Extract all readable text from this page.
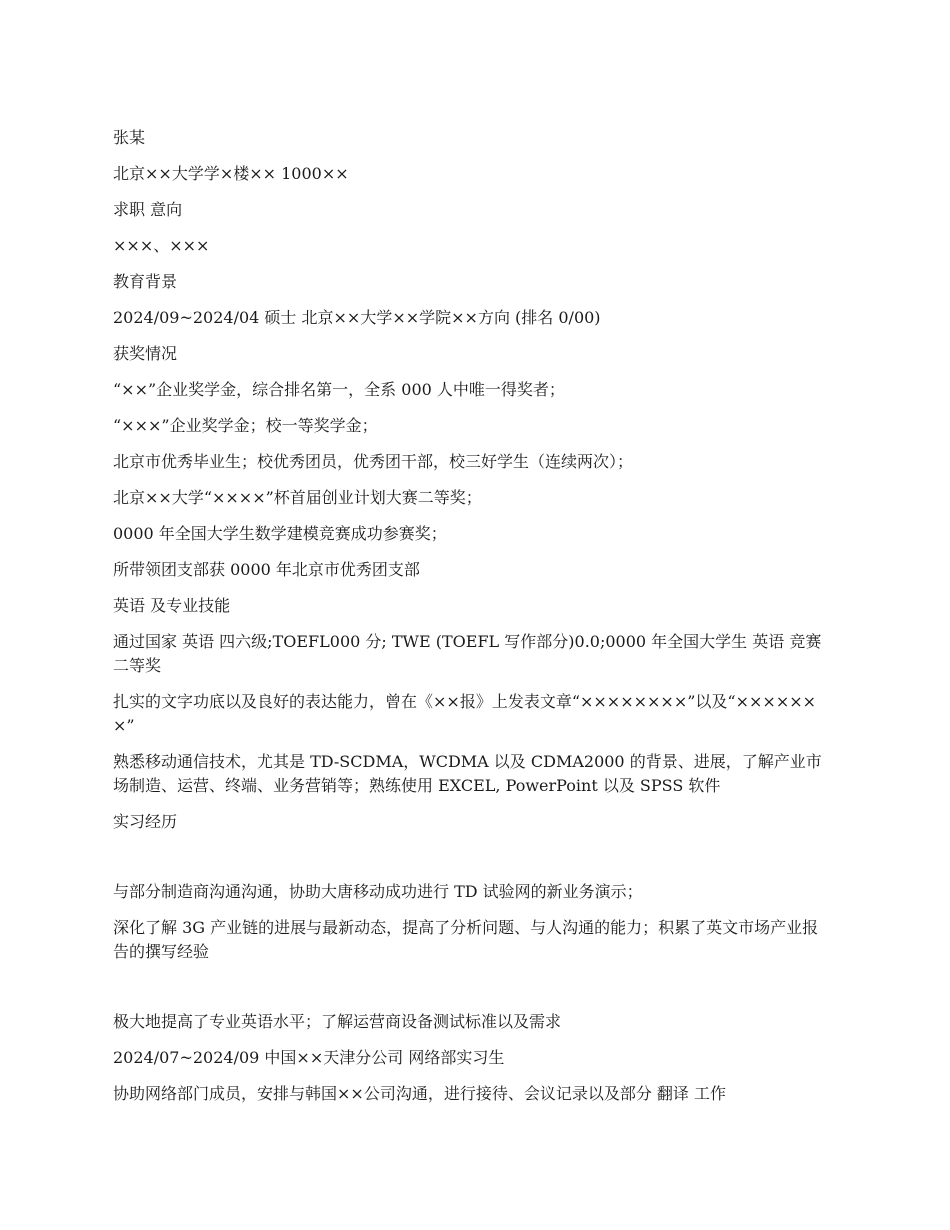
张某

北京××大学学×楼×× 1000××

求职 意向

×××、×××

教育背景

2024/09~2024/04 硕士 北京××大学××学院××方向 (排名 0/00)

获奖情况

“××”企业奖学金，综合排名第一，全系 000 人中唯一得奖者；

“×××”企业奖学金；校一等奖学金；

北京市优秀毕业生；校优秀团员，优秀团干部，校三好学生（连续两次）；

北京××大学“××××”杯首届创业计划大赛二等奖；

0000 年全国大学生数学建模竞赛成功参赛奖；

所带领团支部获 0000 年北京市优秀团支部

英语 及专业技能

通过国家 英语 四六级;TOEFL000 分; TWE (TOEFL 写作部分)0.0;0000 年全国大学生 英语 竞赛二等奖

扎实的文字功底以及良好的表达能力，曾在《××报》上发表文章“××××××××”以及“×××××××”

熟悉移动通信技术，尤其是 TD-SCDMA，WCDMA 以及 CDMA2000 的背景、进展，了解产业市场制造、运营、终端、业务营销等；熟练使用 EXCEL, PowerPoint 以及 SPSS 软件

实习经历

与部分制造商沟通沟通，协助大唐移动成功进行 TD 试验网的新业务演示；

深化了解 3G 产业链的进展与最新动态，提高了分析问题、与人沟通的能力；积累了英文市场产业报告的撰写经验

极大地提高了专业英语水平；了解运营商设备测试标准以及需求

2024/07~2024/09 中国××天津分公司 网络部实习生

协助网络部门成员，安排与韩国××公司沟通，进行接待、会议记录以及部分 翻译 工作
